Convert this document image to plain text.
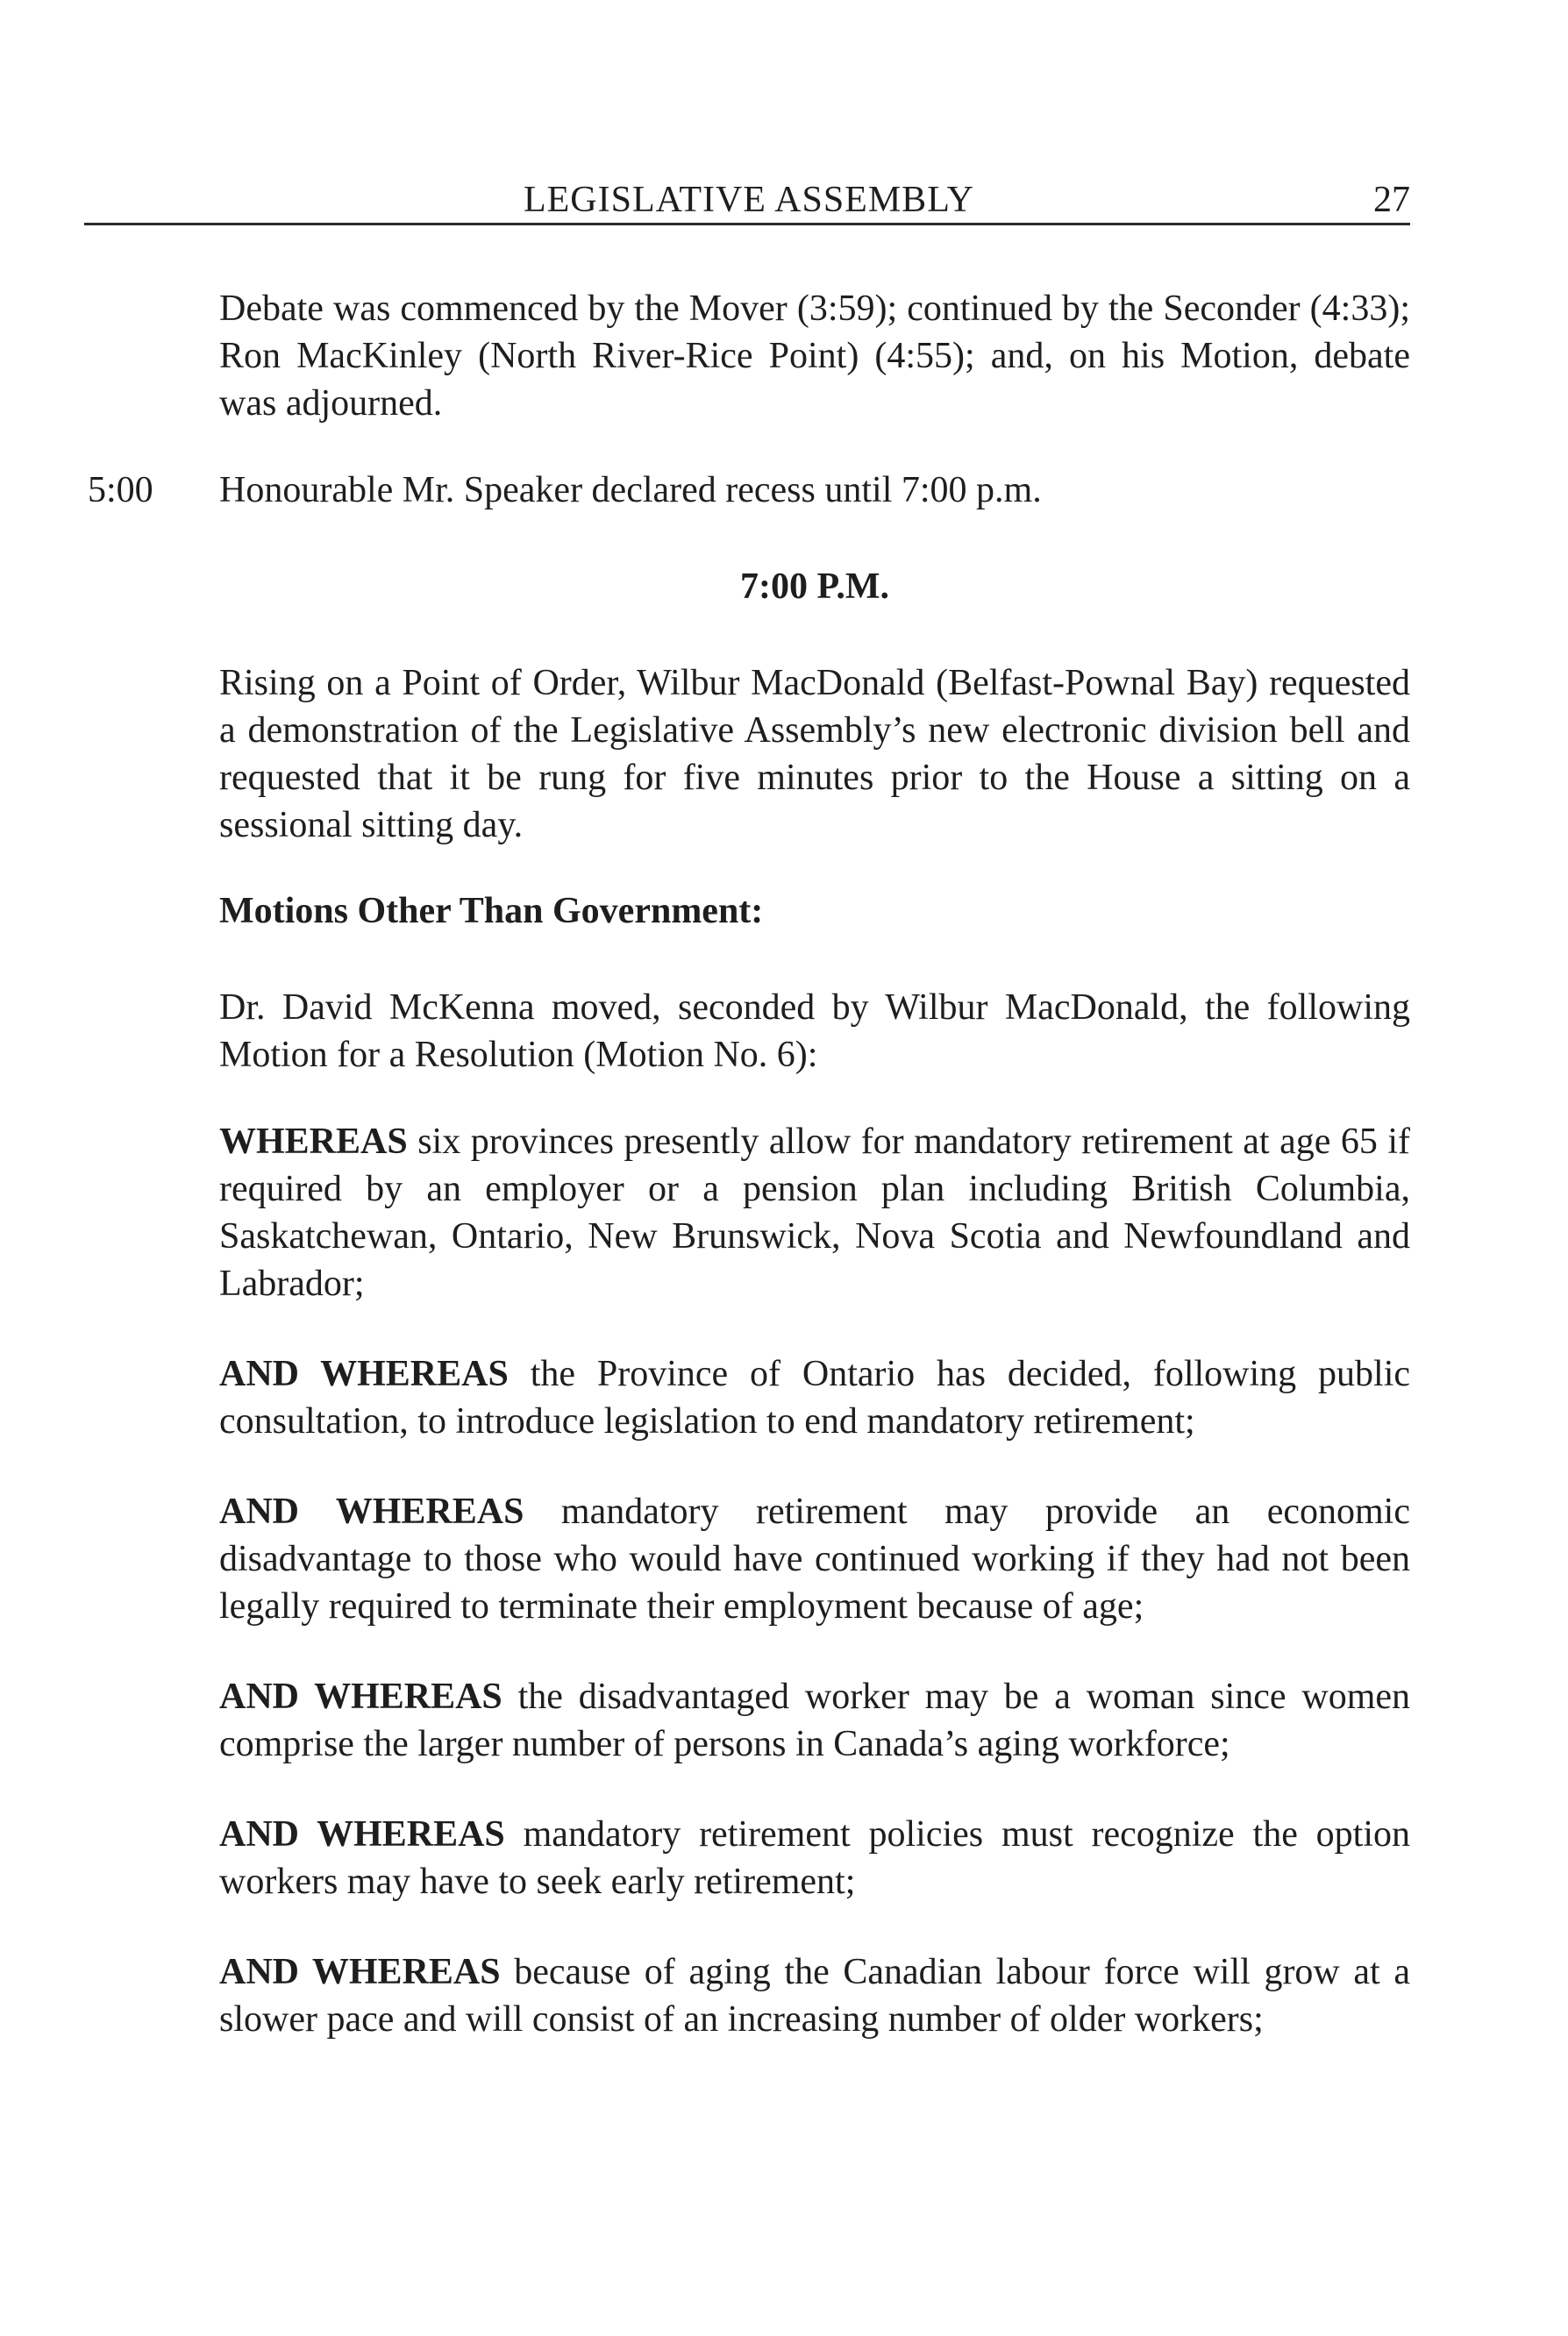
LEGISLATIVE ASSEMBLY	27
Debate was commenced by the Mover (3:59); continued by the Seconder (4:33); Ron MacKinley (North River-Rice Point) (4:55); and, on his Motion, debate was adjourned.
5:00	Honourable Mr. Speaker declared recess until 7:00 p.m.
7:00 P.M.
Rising on a Point of Order, Wilbur MacDonald (Belfast-Pownal Bay) requested a demonstration of the Legislative Assembly’s new electronic division bell and requested that it be rung for five minutes prior to the House a sitting on a sessional sitting day.
Motions Other Than Government:
Dr. David McKenna moved, seconded by Wilbur MacDonald, the following Motion for a Resolution (Motion No. 6):
WHEREAS six provinces presently allow for mandatory retirement at age 65 if required by an employer or a pension plan including British Columbia, Saskatchewan, Ontario, New Brunswick, Nova Scotia and Newfoundland and Labrador;
AND WHEREAS the Province of Ontario has decided, following public consultation, to introduce legislation to end mandatory retirement;
AND WHEREAS mandatory retirement may provide an economic disadvantage to those who would have continued working if they had not been legally required to terminate their employment because of age;
AND WHEREAS the disadvantaged worker may be a woman since women comprise the larger number of persons in Canada’s aging workforce;
AND WHEREAS mandatory retirement policies must recognize the option workers may have to seek early retirement;
AND WHEREAS because of aging the Canadian labour force will grow at a slower pace and will consist of an increasing number of older workers;
